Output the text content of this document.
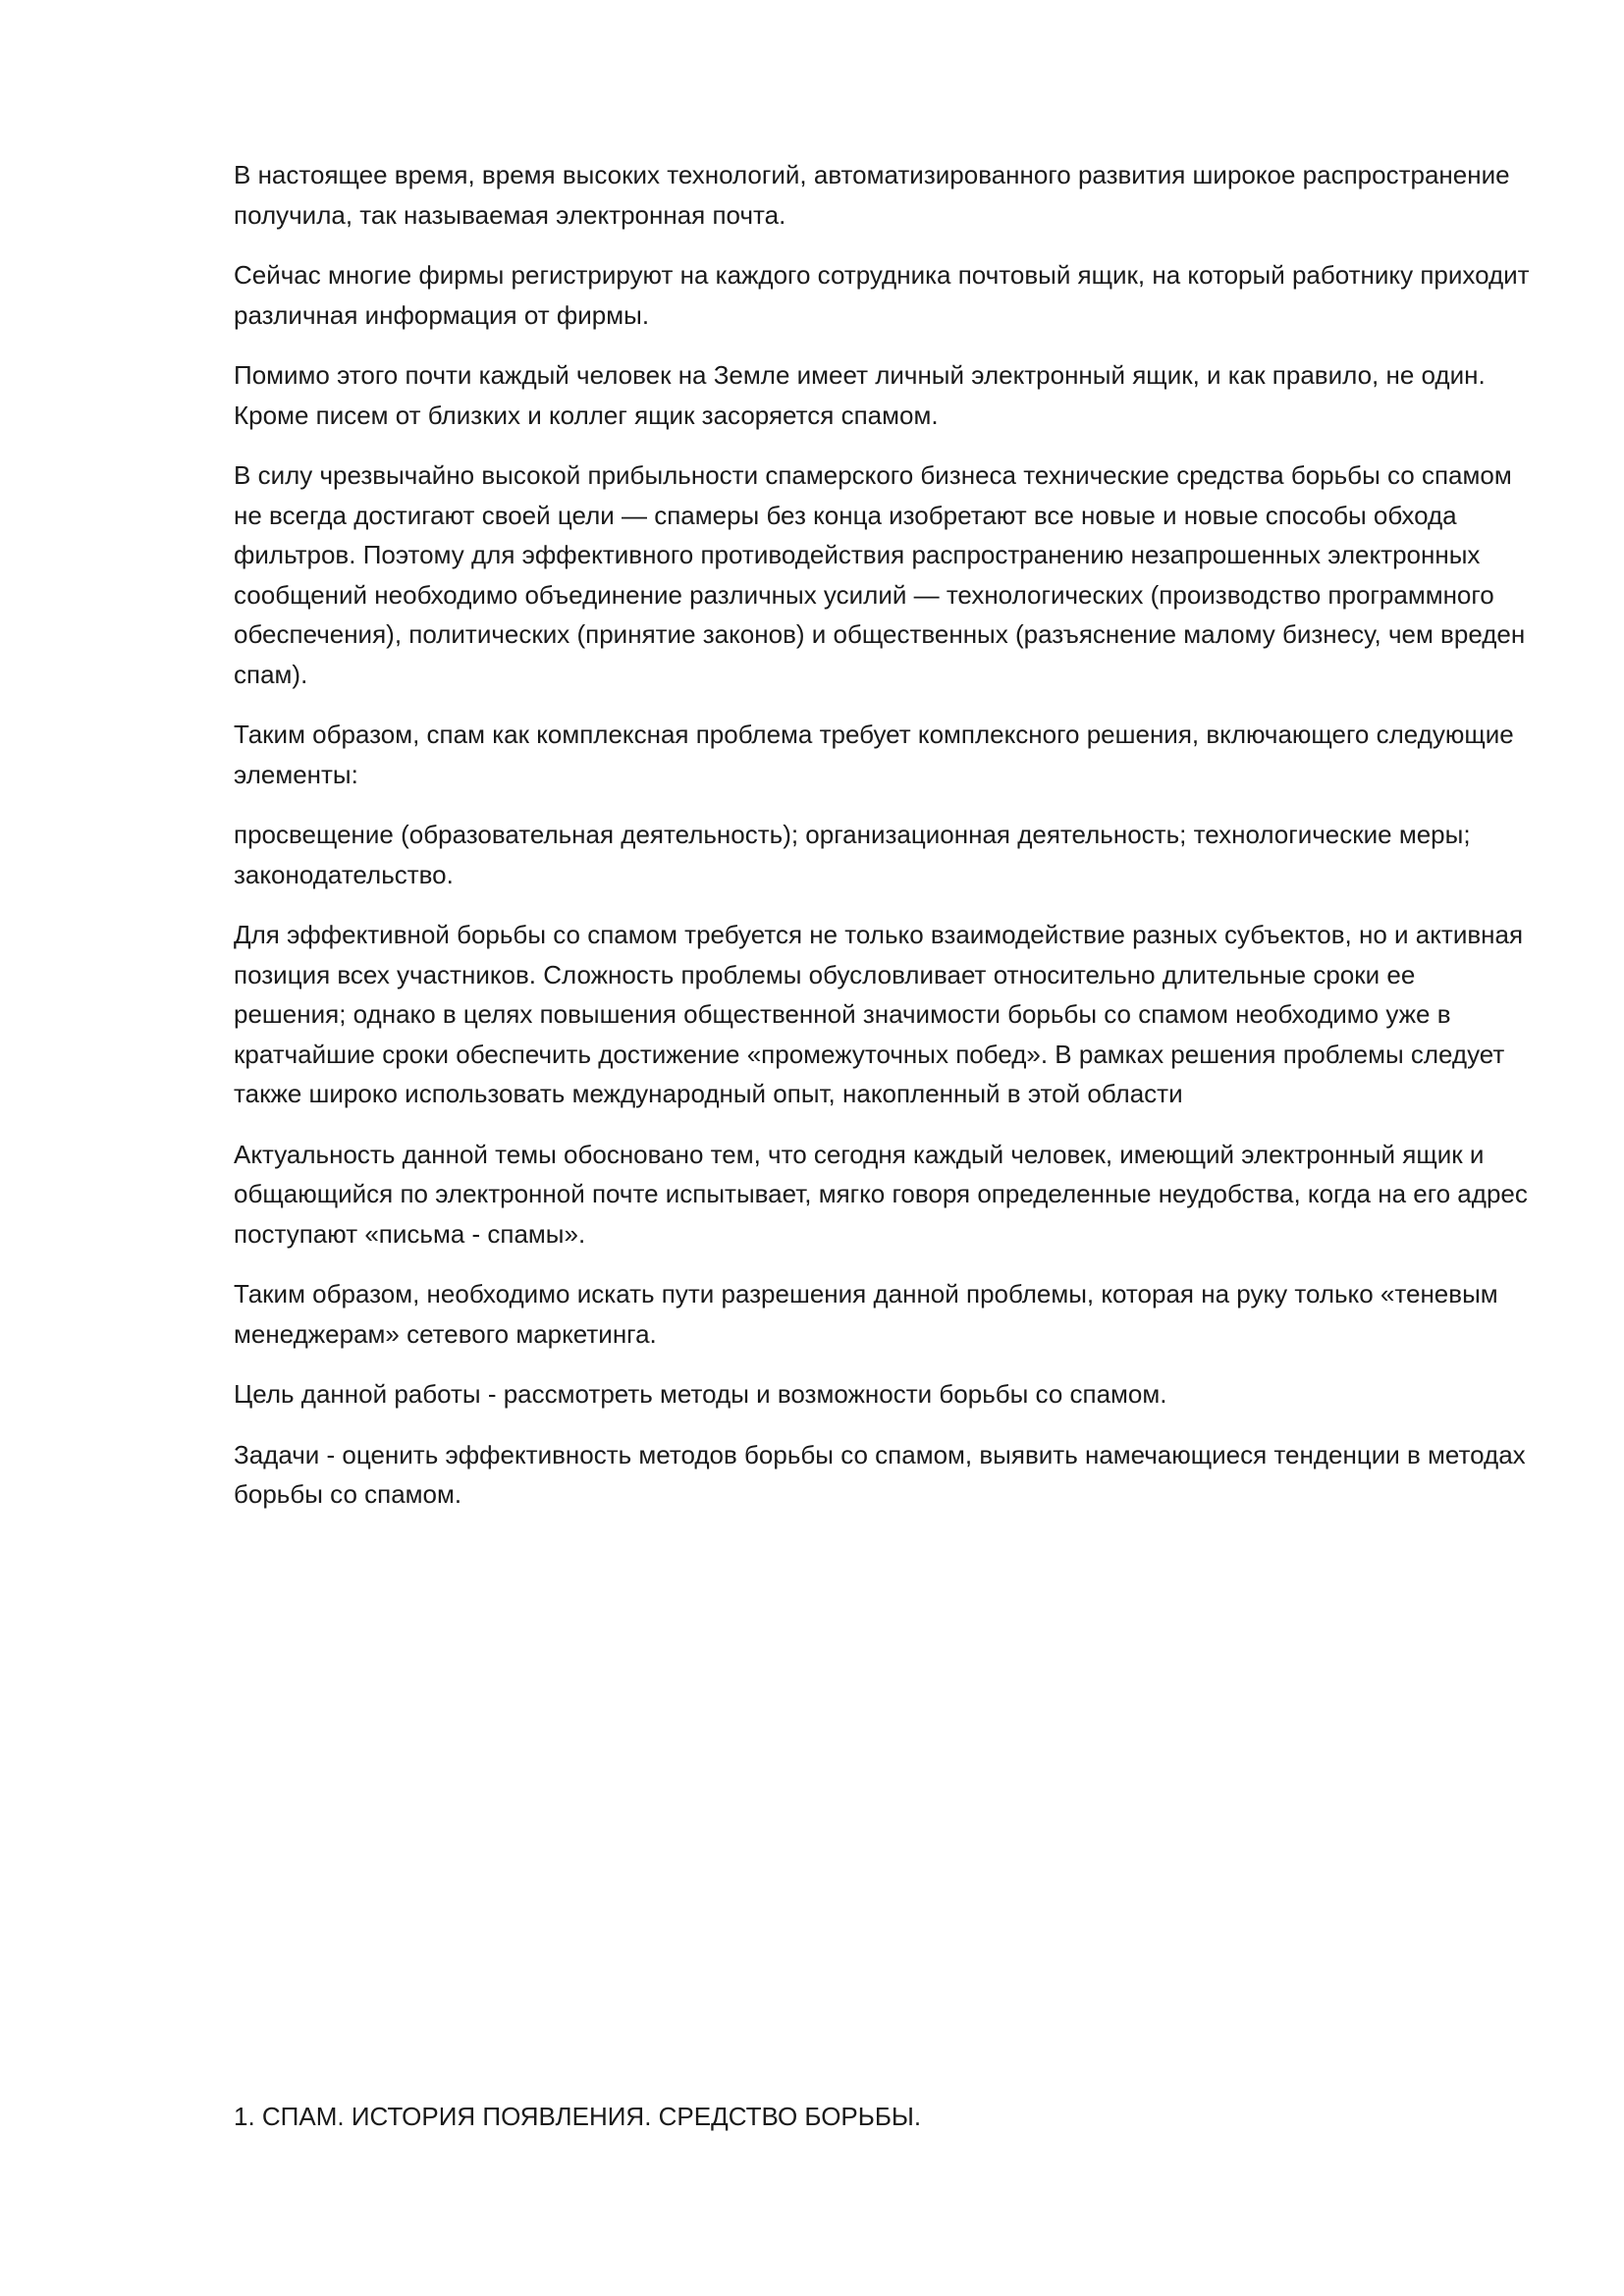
В настоящее время, время высоких технологий, автоматизированного развития широкое распространение получила, так называемая электронная почта.

Сейчас многие фирмы регистрируют на каждого сотрудника почтовый ящик, на который работнику приходит различная информация от фирмы.

Помимо этого почти каждый человек на Земле имеет личный электронный ящик, и как правило, не один. Кроме писем от близких и коллег ящик засоряется спамом.

В силу чрезвычайно высокой прибыльности спамерского бизнеса технические средства борьбы со спамом не всегда достигают своей цели — спамеры без конца изобретают все новые и новые способы обхода фильтров. Поэтому для эффективного противодействия распространению незапрошенных электронных сообщений необходимо объединение различных усилий — технологических (производство программного обеспечения), политических (принятие законов) и общественных (разъяснение малому бизнесу, чем вреден спам).

Таким образом, спам как комплексная проблема требует комплексного решения, включающего следующие элементы:

просвещение (образовательная деятельность); организационная деятельность; технологические меры; законодательство.

Для эффективной борьбы со спамом требуется не только взаимодействие разных субъектов, но и активная позиция всех участников. Сложность проблемы обусловливает относительно длительные сроки ее решения; однако в целях повышения общественной значимости борьбы со спамом необходимо уже в кратчайшие сроки обеспечить достижение «промежуточных побед». В рамках решения проблемы следует также широко использовать международный опыт, накопленный в этой области

Актуальность данной темы обосновано тем, что сегодня каждый человек, имеющий электронный ящик и общающийся по электронной почте испытывает, мягко говоря определенные неудобства, когда на его адрес поступают «письма - спамы».

Таким образом, необходимо искать пути разрешения данной проблемы, которая на руку только «теневым менеджерам» сетевого маркетинга.

Цель данной работы - рассмотреть методы и возможности борьбы со спамом.

Задачи - оценить эффективность методов борьбы со спамом, выявить намечающиеся тенденции в методах борьбы со спамом.

1. СПАМ. ИСТОРИЯ ПОЯВЛЕНИЯ. СРЕДСТВО БОРЬБЫ.
